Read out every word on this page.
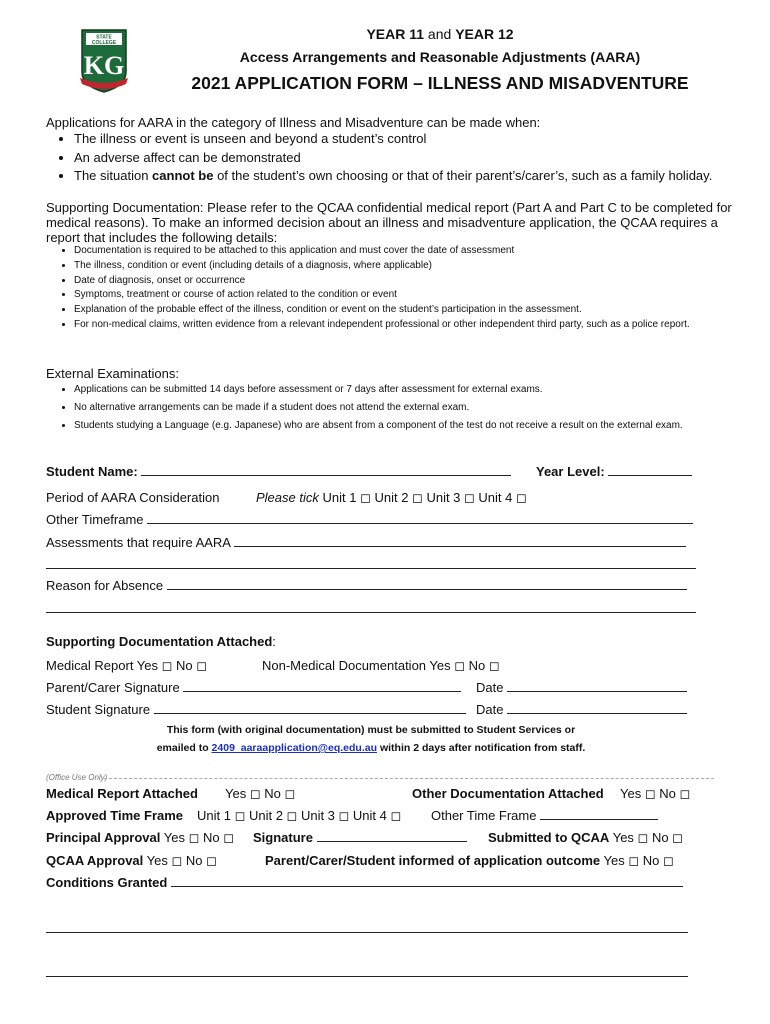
STATE
COLLEGE
KG
YEAR 11 and YEAR 12
Access Arrangements and Reasonable Adjustments (AARA)
2021 APPLICATION FORM – ILLNESS AND MISADVENTURE
Applications for AARA in the category of Illness and Misadventure can be made when:
• The illness or event is unseen and beyond a student’s control
• An adverse affect can be demonstrated
• The situation cannot be of the student’s own choosing or that of their parent’s/carer’s, such as a family holiday.
Supporting Documentation: Please refer to the QCAA confidential medical report (Part A and Part C to be completed for medical reasons). To make an informed decision about an illness and misadventure application, the QCAA requires a report that includes the following details:
• Documentation is required to be attached to this application and must cover the date of assessment
• The illness, condition or event (including details of a diagnosis, where applicable)
• Date of diagnosis, onset or occurrence
• Symptoms, treatment or course of action related to the condition or event
• Explanation of the probable effect of the illness, condition or event on the student’s participation in the assessment.
• For non-medical claims, written evidence from a relevant independent professional or other independent third party, such as a police report.
External Examinations:
• Applications can be submitted 14 days before assessment or 7 days after assessment for external exams.
• No alternative arrangements can be made if a student does not attend the external exam.
• Students studying a Language (e.g. Japanese) who are absent from a component of the test do not receive a result on the external exam.
Student Name:	Year Level:
Period of AARA Consideration	Please tick Unit 1 ◻ Unit 2 ◻ Unit 3 ◻ Unit 4 ◻
Other Timeframe
Assessments that require AARA
Reason for Absence
Supporting Documentation Attached:
Medical Report Yes ◻ No ◻	Non-Medical Documentation Yes ◻ No ◻
Parent/Carer Signature	Date
Student Signature	Date
This form (with original documentation) must be submitted to Student Services or
emailed to 2409_aaraapplication@eq.edu.au within 2 days after notification from staff.
(Office Use Only)
Medical Report Attached Yes ◻ No ◻	Other Documentation Attached Yes ◻ No ◻
Approved Time Frame Unit 1 ◻ Unit 2 ◻ Unit 3 ◻ Unit 4 ◻ Other Time Frame
Principal Approval Yes ◻ No ◻ Signature	Submitted to QCAA Yes ◻ No ◻
QCAA Approval Yes ◻ No ◻	Parent/Carer/Student informed of application outcome Yes ◻ No ◻
Conditions Granted
